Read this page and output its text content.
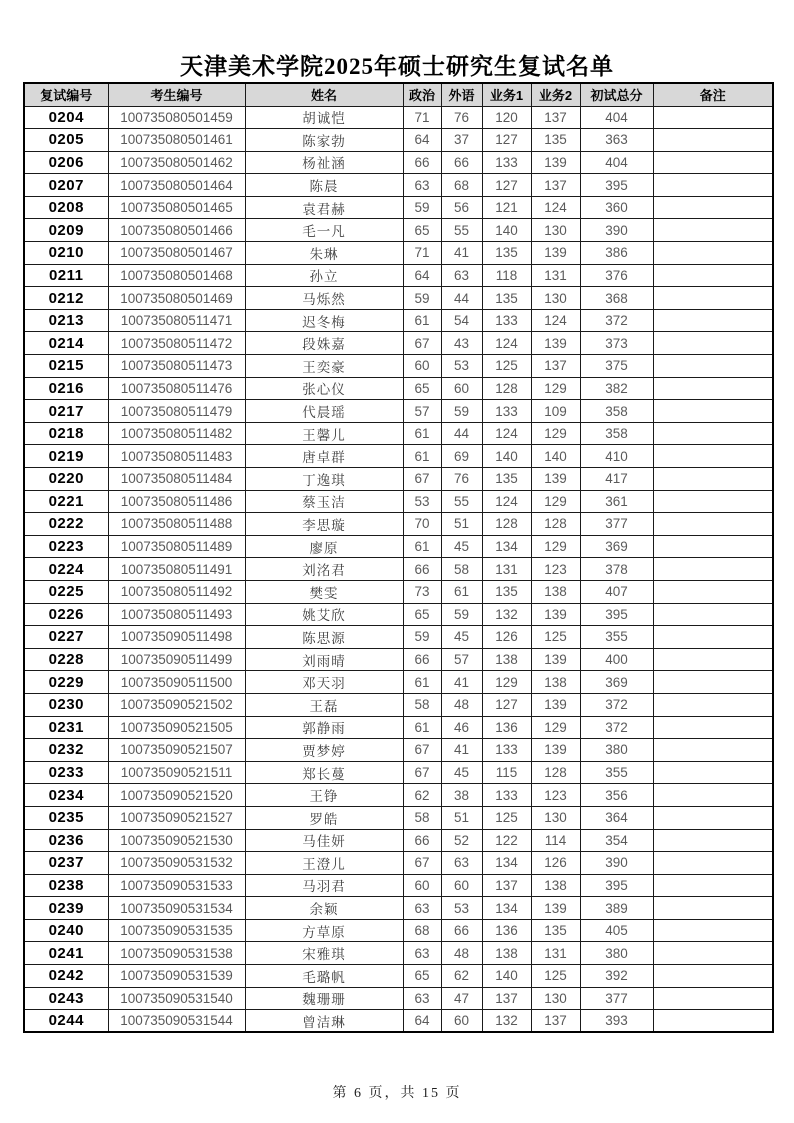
天津美术学院2025年硕士研究生复试名单
复试编号	考生编号	姓名	政治	外语	业务1	业务2	初试总分	备注
0204	100735080501459	胡诚恺	71	76	120	137	404	
0205	100735080501461	陈家勃	64	37	127	135	363	
0206	100735080501462	杨祉涵	66	66	133	139	404	
0207	100735080501464	陈晨	63	68	127	137	395	
0208	100735080501465	袁君赫	59	56	121	124	360	
0209	100735080501466	毛一凡	65	55	140	130	390	
0210	100735080501467	朱琳	71	41	135	139	386	
0211	100735080501468	孙立	64	63	118	131	376	
0212	100735080501469	马烁然	59	44	135	130	368	
0213	100735080511471	迟冬梅	61	54	133	124	372	
0214	100735080511472	段姝嘉	67	43	124	139	373	
0215	100735080511473	王奕豪	60	53	125	137	375	
0216	100735080511476	张心仪	65	60	128	129	382	
0217	100735080511479	代晨瑶	57	59	133	109	358	
0218	100735080511482	王馨儿	61	44	124	129	358	
0219	100735080511483	唐卓群	61	69	140	140	410	
0220	100735080511484	丁逸琪	67	76	135	139	417	
0221	100735080511486	蔡玉洁	53	55	124	129	361	
0222	100735080511488	李思璇	70	51	128	128	377	
0223	100735080511489	廖原	61	45	134	129	369	
0224	100735080511491	刘洺君	66	58	131	123	378	
0225	100735080511492	樊雯	73	61	135	138	407	
0226	100735080511493	姚艾欣	65	59	132	139	395	
0227	100735090511498	陈思源	59	45	126	125	355	
0228	100735090511499	刘雨晴	66	57	138	139	400	
0229	100735090511500	邓天羽	61	41	129	138	369	
0230	100735090521502	王磊	58	48	127	139	372	
0231	100735090521505	郭静雨	61	46	136	129	372	
0232	100735090521507	贾梦婷	67	41	133	139	380	
0233	100735090521511	郑长蔓	67	45	115	128	355	
0234	100735090521520	王铮	62	38	133	123	356	
0235	100735090521527	罗皓	58	51	125	130	364	
0236	100735090521530	马佳妍	66	52	122	114	354	
0237	100735090531532	王澄儿	67	63	134	126	390	
0238	100735090531533	马羽君	60	60	137	138	395	
0239	100735090531534	余颖	63	53	134	139	389	
0240	100735090531535	方草原	68	66	136	135	405	
0241	100735090531538	宋雅琪	63	48	138	131	380	
0242	100735090531539	毛璐帆	65	62	140	125	392	
0243	100735090531540	魏珊珊	63	47	137	130	377	
0244	100735090531544	曾洁琳	64	60	132	137	393	
第 6 页，共 15 页
